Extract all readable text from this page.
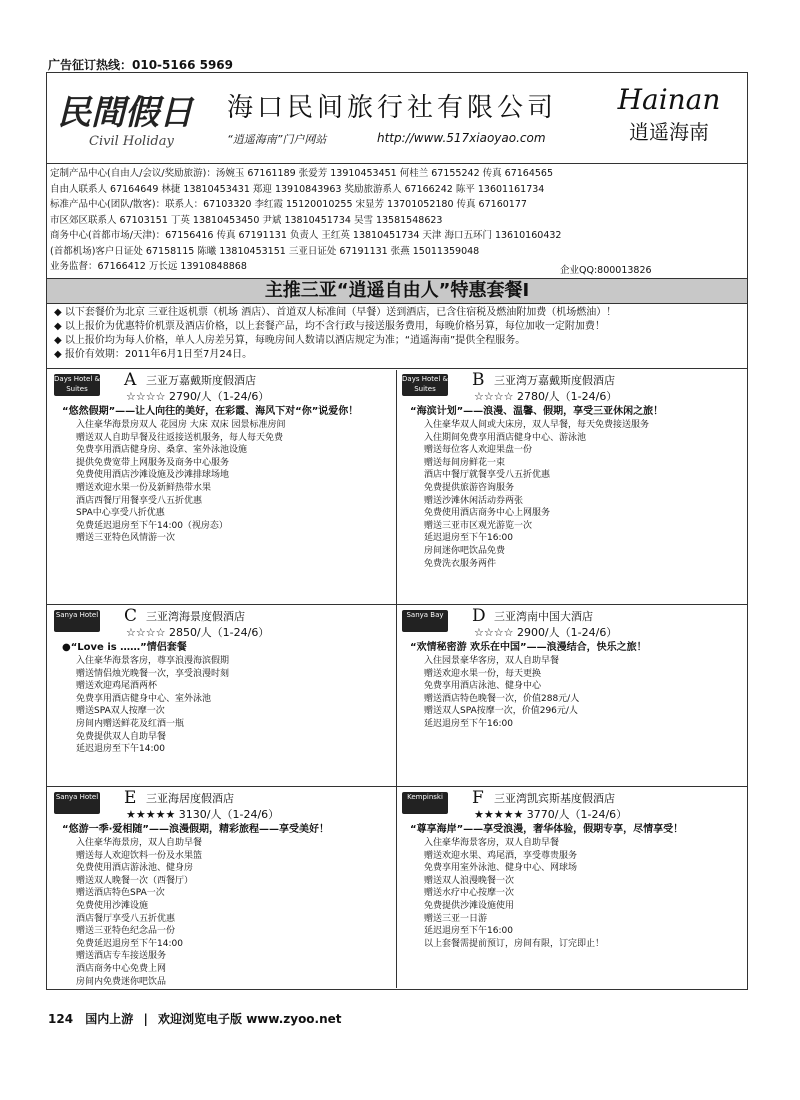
广告征订热线：010-5166 5969
民間假日
Civil Holiday
海口民间旅行社有限公司
“逍遥海南”门户网站	http://www.517xiaoyao.com
Hainan
逍遥海南
定制产品中心(自由人/会议/奖励旅游)：汤婉玉 67161189 张爱芳 13910453451 何桂兰 67155242 传真 67164565
自由人联系人 67164649 林捷 13810453431 郑迎 13910843963 奖励旅游系人 67166242 陈平 13601161734
标准产品中心(团队/散客)：联系人：67103320 李红霞 15120010255 宋显芳 13701052180 传真 67160177
市区郊区联系人 67103151 丁英 13810453450 尹斌 13810451734 吴雪 13581548623
商务中心(首都市场/天津)：67156416 传真 67191131 负责人 王红英 13810451734 天津 海口五环门 13610160432
(首都机场)客户日证处 67158115 陈曦 13810453151 三亚日证处 67191131 张燕 15011359048
业务监督：67166412 万长远 13910848868	企业QQ:800013826
主推三亚“逍遥自由人”特惠套餐Ⅰ
◆ 以下套餐价为北京 三亚往返机票（机场 酒店）、首道双人标准间（早餐）送到酒店，已含住宿税及燃油附加费（机场燃油）！
◆ 以上报价为优惠特价机票及酒店价格，以上套餐产品，均不含行政与接送服务费用，每晚价格另算，每位加收一定附加费！
◆ 以上报价均为每人价格，单人人房差另算，每晚房间人数请以酒店规定为准；“逍遥海南”提供全程服务。
◆ 报价有效期：2011年6月1日至7月24日。
Days Hotel & Suites	A 三亚万嘉戴斯度假酒店
☆☆☆☆ 2790/人（1-24/6）
“悠然假期”——让人向往的美好，在彩霞、海风下对“你”说爱你！
• 入住豪华海景房双人 花园房 大床 双床 园景标准房间
• 赠送双人自助早餐及往返接送机服务，每人每天免费
• 免费享用酒店健身房、桑拿、室外泳池设施
• 提供免费宽带上网服务及商务中心服务
• 免费使用酒店沙滩设施及沙滩排球场地
• 赠送欢迎水果一份及新鲜热带水果
• 酒店西餐厅用餐享受八五折优惠
• SPA中心享受八折优惠
• 免费延迟退房至下午14:00（视房态）
• 赠送三亚特色风情游一次
Days Hotel & Suites	B 三亚湾万嘉戴斯度假酒店
☆☆☆☆ 2780/人（1-24/6）
“海滨计划”——浪漫、温馨、假期，享受三亚休闲之旅！
• 入住豪华双人间或大床房，双人早餐，每天免费接送服务
• 入住期间免费享用酒店健身中心、游泳池
• 赠送每位客人欢迎果盘一份
• 赠送每间房鲜花一束
• 酒店中餐厅就餐享受八五折优惠
• 免费提供旅游咨询服务
• 赠送沙滩休闲活动券两张
• 免费使用酒店商务中心上网服务
• 赠送三亚市区观光游览一次
• 延迟退房至下午16:00
• 房间迷你吧饮品免费
• 免费洗衣服务两件
Sanya Hotel C 三亚湾海景度假酒店
☆☆☆☆ 2850/人（1-24/6）
●“Love is ……”情侣套餐
• 入住豪华海景客房，尊享浪漫海滨假期
• 赠送情侣烛光晚餐一次，享受浪漫时刻
• 赠送欢迎鸡尾酒两杯
• 免费享用酒店健身中心、室外泳池
• 赠送SPA双人按摩一次
• 房间内赠送鲜花及红酒一瓶
• 免费提供双人自助早餐
• 延迟退房至下午14:00
Sanya Bay D 三亚湾南中国大酒店
☆☆☆☆ 2900/人（1-24/6）
“欢情秘密游 欢乐在中国”——浪漫结合，快乐之旅！
• 入住园景豪华客房，双人自助早餐
• 赠送欢迎水果一份，每天更换
• 免费享用酒店泳池、健身中心
• 赠送酒店特色晚餐一次，价值288元/人
• 赠送双人SPA按摩一次，价值296元/人
• 延迟退房至下午16:00
Sanya Hotel E 三亚海居度假酒店
★★★★★ 3130/人（1-24/6）
“悠游一季·爱相随”——浪漫假期，精彩旅程——享受美好！
• 入住豪华海景房，双人自助早餐
• 赠送每人欢迎饮料一份及水果篮
• 免费使用酒店游泳池、健身房
• 赠送双人晚餐一次（西餐厅）
• 赠送酒店特色SPA一次
• 免费使用沙滩设施
• 酒店餐厅享受八五折优惠
• 赠送三亚特色纪念品一份
• 免费延迟退房至下午14:00
• 赠送酒店专车接送服务
• 酒店商务中心免费上网
• 房间内免费迷你吧饮品
Kempinski F 三亚湾凯宾斯基度假酒店
★★★★★ 3770/人（1-24/6）
“尊享海岸”——享受浪漫，奢华体验，假期专享，尽情享受！
• 入住豪华海景客房，双人自助早餐
• 赠送欢迎水果、鸡尾酒，享受尊贵服务
• 免费享用室外泳池、健身中心、网球场
• 赠送双人浪漫晚餐一次
• 赠送水疗中心按摩一次
• 免费提供沙滩设施使用
• 赠送三亚一日游
• 延迟退房至下午16:00
• 以上套餐需提前预订，房间有限，订完即止！
124 国内上游 | 欢迎浏览电子版 www.zyoo.net
